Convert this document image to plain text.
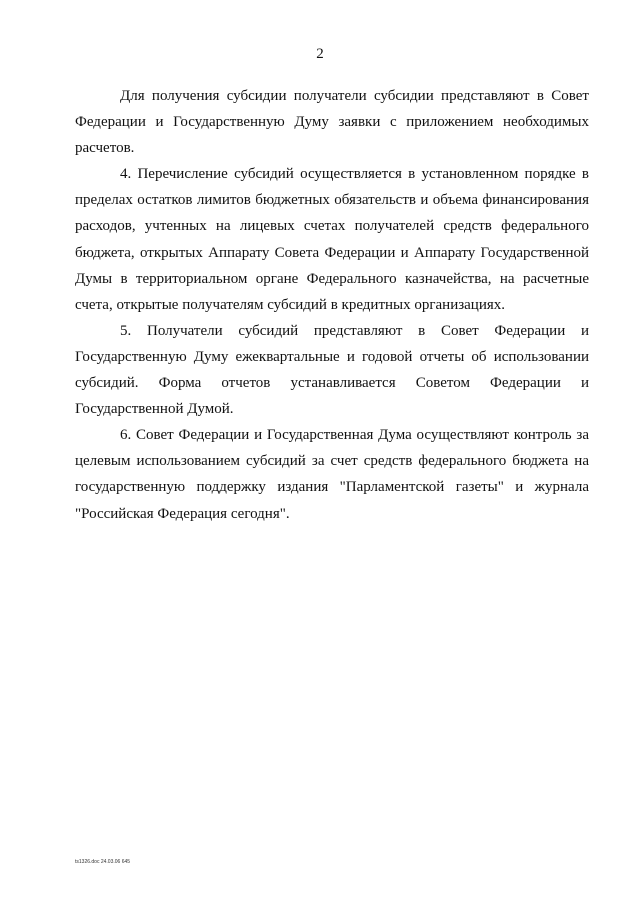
2

Для получения субсидии получатели субсидии представляют в Совет Федерации и Государственную Думу заявки с приложением необходимых расчетов.

4. Перечисление субсидий осуществляется в установленном порядке в пределах остатков лимитов бюджетных обязательств и объема финансирования расходов, учтенных на лицевых счетах получателей средств федерального бюджета, открытых Аппарату Совета Федерации и Аппарату Государственной Думы в территориальном органе Федерального казначейства, на расчетные счета, открытые получателям субсидий в кредитных организациях.

5. Получатели субсидий представляют в Совет Федерации и Государственную Думу ежеквартальные и годовой отчеты об использовании субсидий. Форма отчетов устанавливается Советом Федерации и Государственной Думой.

6. Совет Федерации и Государственная Дума осуществляют контроль за целевым использованием субсидий за счет средств федерального бюджета на государственную поддержку издания "Парламентской газеты" и журнала "Российская Федерация сегодня".

ts1326.doc 24.03.06 645
